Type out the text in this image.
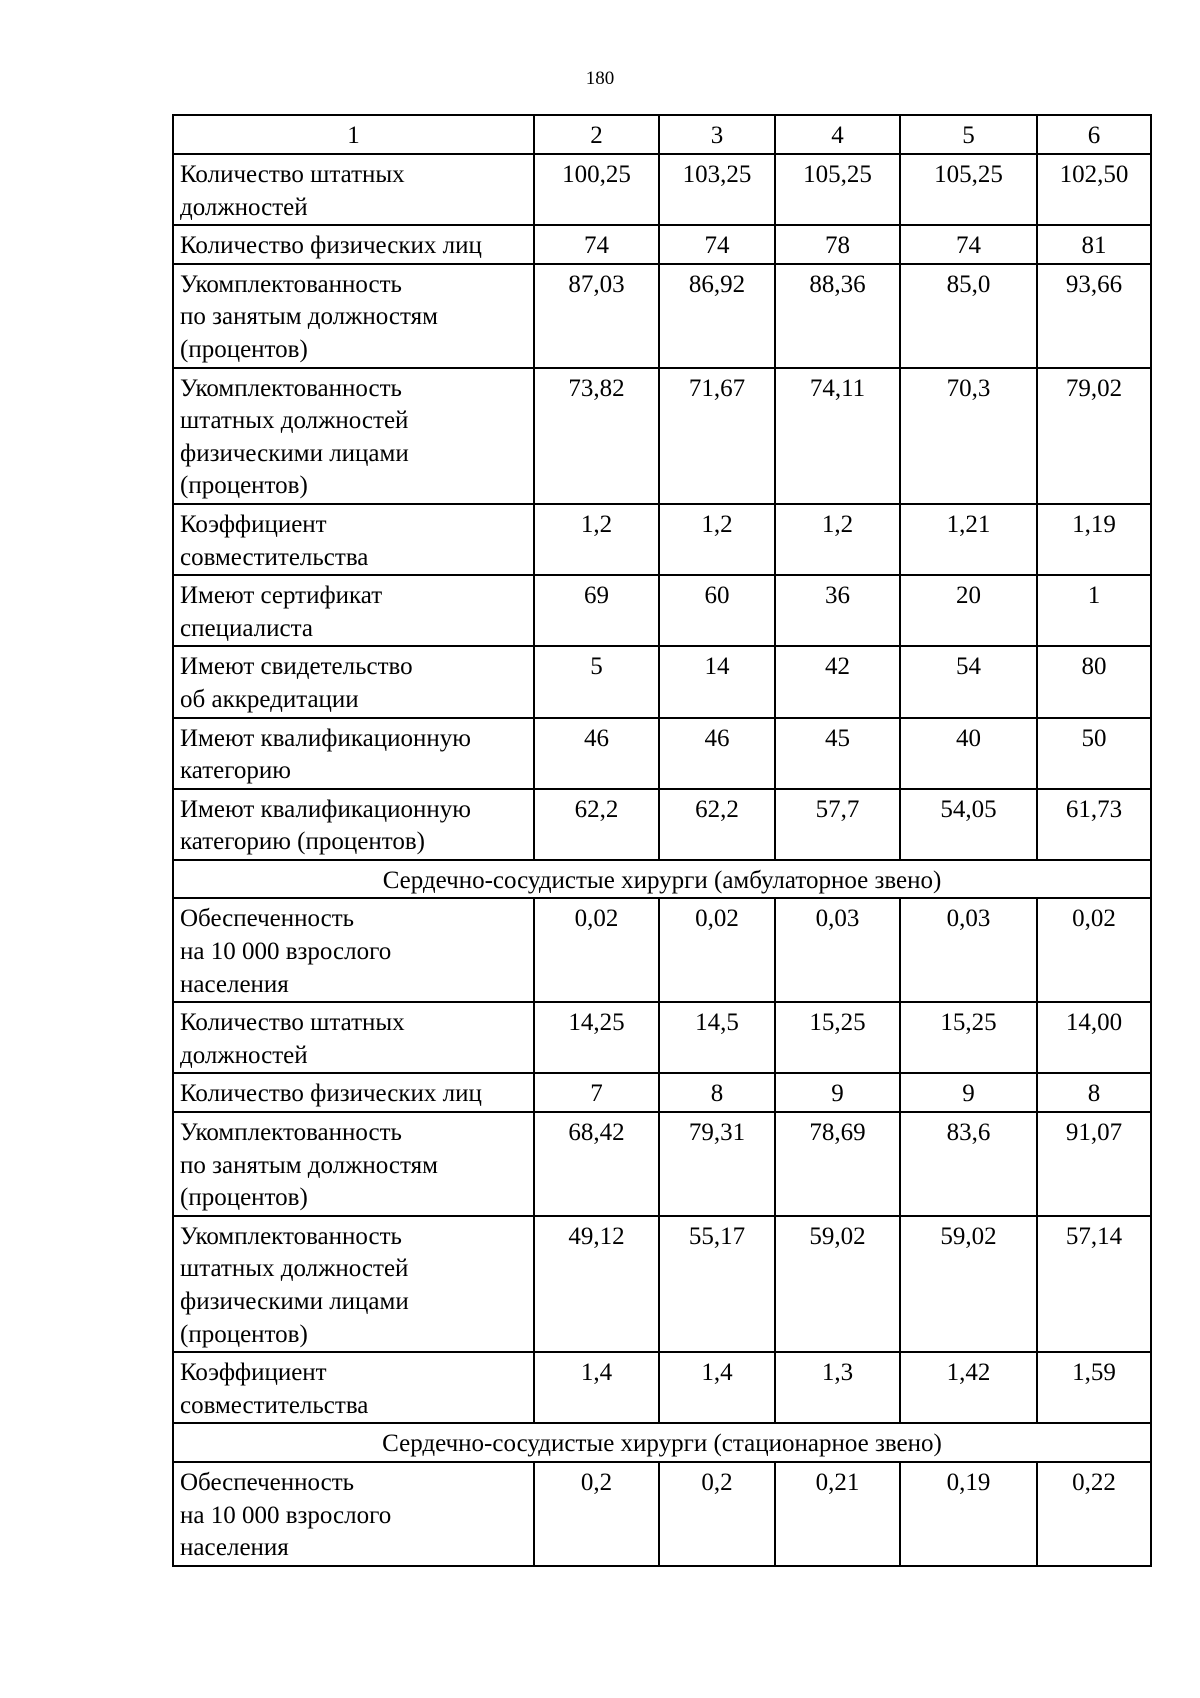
180
1	2	3	4	5	6
Количество штатных
должностей	100,25	103,25	105,25	105,25	102,50
Количество физических лиц	74	74	78	74	81
Укомплектованность
по занятым должностям
(процентов)	87,03	86,92	88,36	85,0	93,66
Укомплектованность
штатных должностей
физическими лицами
(процентов)	73,82	71,67	74,11	70,3	79,02
Коэффициент
совместительства	1,2	1,2	1,2	1,21	1,19
Имеют сертификат
специалиста	69	60	36	20	1
Имеют свидетельство
об аккредитации	5	14	42	54	80
Имеют квалификационную
категорию	46	46	45	40	50
Имеют квалификационную
категорию (процентов)	62,2	62,2	57,7	54,05	61,73
Сердечно-сосудистые хирурги (амбулаторное звено)					
Обеспеченность
на 10 000 взрослого
населения	0,02	0,02	0,03	0,03	0,02
Количество штатных
должностей	14,25	14,5	15,25	15,25	14,00
Количество физических лиц	7	8	9	9	8
Укомплектованность
по занятым должностям
(процентов)	68,42	79,31	78,69	83,6	91,07
Укомплектованность
штатных должностей
физическими лицами
(процентов)	49,12	55,17	59,02	59,02	57,14
Коэффициент
совместительства	1,4	1,4	1,3	1,42	1,59
Сердечно-сосудистые хирурги (стационарное звено)					
Обеспеченность
на 10 000 взрослого
населения	0,2	0,2	0,21	0,19	0,22
